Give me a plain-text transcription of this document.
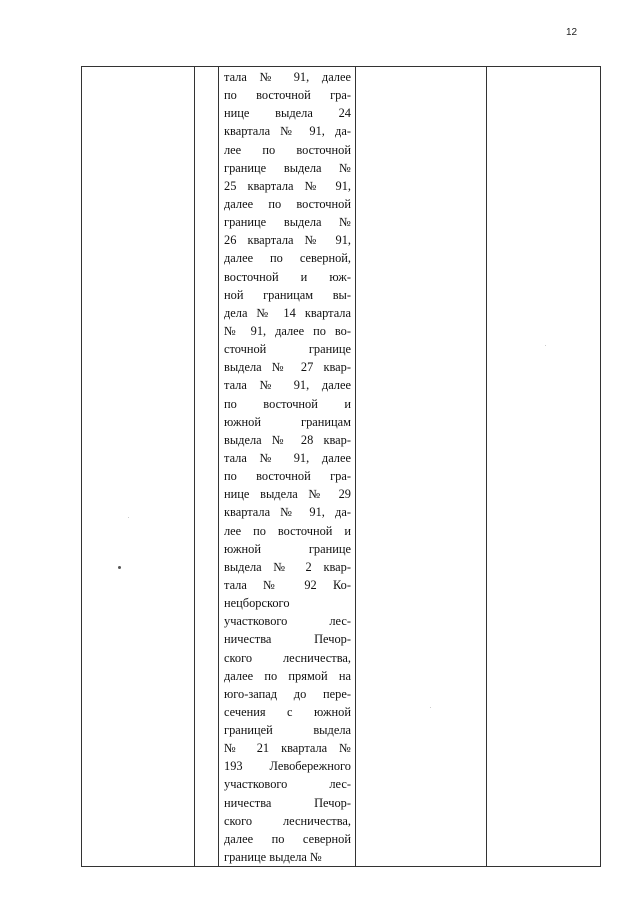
12

тала № 91, далее
по восточной гра-
нице выдела 24
квартала № 91, да-
лее по восточной
границе выдела №
25 квартала № 91,
далее по восточной
границе выдела №
26 квартала № 91,
далее по северной,
восточной и юж-
ной границам вы-
дела № 14 квартала
№ 91, далее по во-
сточной границе
выдела № 27 квар-
тала № 91, далее
по восточной и
южной границам
выдела № 28 квар-
тала № 91, далее
по восточной гра-
нице выдела № 29
квартала № 91, да-
лее по восточной и
южной границе
выдела № 2 квар-
тала № 92 Ко-
нецборского
участкового лес-
ничества Печор-
ского лесничества,
далее по прямой на
юго-запад до пере-
сечения с южной
границей выдела
№ 21 квартала №
193 Левобережного
участкового лес-
ничества Печор-
ского лесничества,
далее по северной
границе выдела №
